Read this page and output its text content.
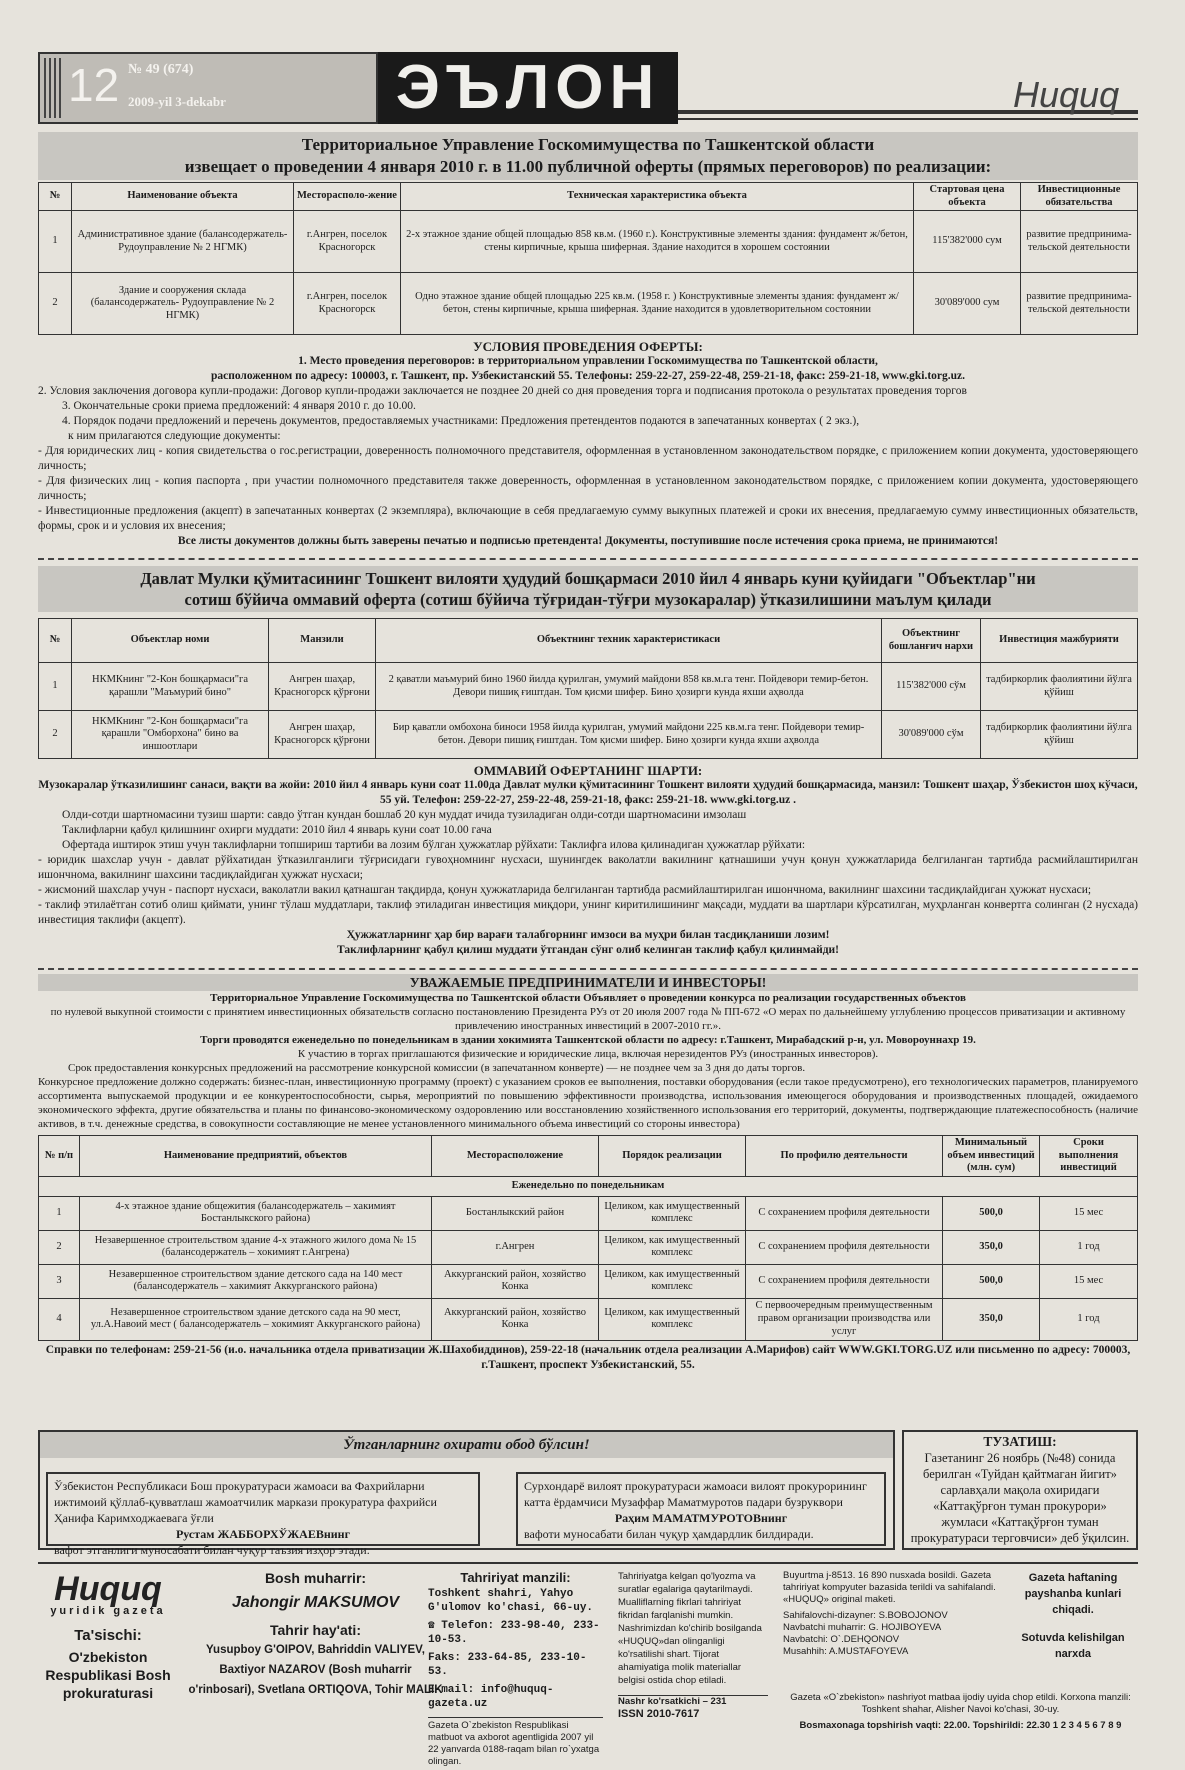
12 № 49 (674)
2009-yil 3-dekabr	ЭЪЛОН	Huquq
Территориальное Управление Госкомимущества по Ташкентской области
извещает о проведении 4 января 2010 г. в 11.00 публичной оферты (прямых переговоров) по реализации:
№	Наименование объекта	Месторасполо-жение	Техническая характеристика объекта	Стартовая цена объекта	Инвестиционные обязательства
1	Административное здание (балансодержатель-Рудоуправление № 2 НГМК)	г.Ангрен, поселок Красногорск	2-х этажное здание общей площадью 858 кв.м. (1960 г.). Конструктивные элементы здания: фундамент ж/бетон, стены кирпичные, крыша шиферная. Здание находится в хорошем состоянии	115'382'000 сум	развитие предпринима-тельской деятельности
2	Здание и сооружения склада (балансодержатель- Рудоуправление № 2 НГМК)	г.Ангрен, поселок Красногорск	Одно этажное здание общей площадью 225 кв.м. (1958 г. ) Конструктивные элементы здания: фундамент ж/бетон, стены кирпичные, крыша шиферная. Здание находится в удовлетворительном состоянии	30'089'000 сум	развитие предпринима-тельской деятельности

УСЛОВИЯ ПРОВЕДЕНИЯ ОФЕРТЫ:

1. Место проведения переговоров: в территориальном управлении Госкомимущества по Ташкентской области,

расположенном по адресу: 100003, г. Ташкент, пр. Узбекистанский 55. Телефоны: 259-22-27, 259-22-48, 259-21-18, факс: 259-21-18, www.gki.torg.uz.

2. Условия заключения договора купли-продажи: Договор купли-продажи заключается не позднее 20 дней со дня проведения торга и подписания протокола о результатах проведения торгов

3. Окончательные сроки приема предложений: 4 января 2010 г. до 10.00.

4. Порядок подачи предложений и перечень документов, предоставляемых участниками: Предложения претендентов подаются в запечатанных конвертах ( 2 экз.),

к ним прилагаются следующие документы:

- Для юридических лиц - копия свидетельства о гос.регистрации, доверенность полномочного представителя, оформленная в установленном законодательством порядке, с приложением копии документа, удостоверяющего личность;

- Для физических лиц - копия паспорта , при участии полномочного представителя также доверенность, оформленная в установленном законодательством порядке, с приложением копии документа, удостоверяющего личность;

- Инвестиционные предложения (акцепт) в запечатанных конвертах (2 экземпляра), включающие в себя предлагаемую сумму выкупных платежей и сроки их внесения, предлагаемую сумму инвестиционных обязательств, формы, срок и и условия их внесения;

Все листы документов должны быть заверены печатью и подписью претендента! Документы, поступившие после истечения срока приема, не принимаются!

Давлат Мулки қўмитасининг Тошкент вилояти ҳудудий бошқармаси 2010 йил 4 январь куни қуйидаги "Объектлар"ни
сотиш бўйича оммавий оферта (сотиш бўйича тўғридан-тўғри музокаралар) ўтказилишини маълум қилади
№	Объектлар номи	Манзили	Объектнинг техник характеристикаси	Объектнинг бошланғич нархи	Инвестиция мажбурияти
1	НКМКнинг "2-Кон бошқармаси"га қарашли "Маъмурий бино"	Ангрен шаҳар, Красногорск қўрғони	2 қаватли маъмурий бино 1960 йилда қурилган, умумий майдони 858 кв.м.га тенг. Пойдевори темир-бетон. Девори пишиқ ғиштдан. Том қисми шифер. Бино ҳозирги кунда яхши аҳволда	115'382'000 сўм	тадбиркорлик фаолиятини йўлга қўйиш
2	НКМКнинг "2-Кон бошқармаси"га қарашли "Омборхона" бино ва иншоотлари	Ангрен шаҳар, Красногорск қўрғони	Бир қаватли омбохона биноси 1958 йилда қурилган, умумий майдони 225 кв.м.га тенг. Пойдевори темир-бетон. Девори пишиқ ғиштдан. Том қисми шифер. Бино ҳозирги кунда яхши аҳволда	30'089'000 сўм	тадбиркорлик фаолиятини йўлга қўйиш

ОММАВИЙ ОФЕРТАНИНГ ШАРТИ:

Музокаралар ўтказилишинг санаси, вақти ва жойи: 2010 йил 4 январь куни соат 11.00да Давлат мулки қўмитасининг Тошкент вилояти ҳудудий бошқармасида, манзил: Тошкент шаҳар, Ўзбекистон шоҳ кўчаси, 55 уй. Телефон: 259-22-27, 259-22-48, 259-21-18, факс: 259-21-18. www.gki.torg.uz .

Олди-сотди шартномасини тузиш шарти: савдо ўтган кундан бошлаб 20 кун муддат ичида тузиладиган олди-сотди шартномасини имзолаш

Таклифларни қабул қилишнинг охирги муддати: 2010 йил 4 январь куни соат 10.00 гача

Офертада иштирок этиш учун таклифларни топшириш тартиби ва лозим бўлган ҳужжатлар рўйхати: Таклифга илова қилинадиган ҳужжатлар рўйхати:

- юридик шахслар учун - давлат рўйхатидан ўтказилганлиги тўғрисидаги гувоҳномнинг нусхаси, шунингдек ваколатли вакилнинг қатнашиши учун қонун ҳужжатларида белгиланган тартибда расмийлаштирилган ишончнома, вакилнинг шахсини тасдиқлайдиган ҳужжат нусхаси;

- жисмоний шахслар учун - паспорт нусхаси, ваколатли вакил қатнашган тақдирда, қонун ҳужжатларида белгиланган тартибда расмийлаштирилган ишончнома, вакилнинг шахсини тасдиқлайдиган ҳужжат нусхаси;

- таклиф этилаётган сотиб олиш қиймати, унинг тўлаш муддатлари, таклиф этиладиган инвестиция миқдори, унинг киритилишининг мақсади, муддати ва шартлари кўрсатилган, муҳрланган конвертга солинган (2 нусхада) инвестиция таклифи (акцепт).

Ҳужжатларнинг ҳар бир варағи талабгорнинг имзоси ва муҳри билан тасдиқланиши лозим!

Таклифларнинг қабул қилиш муддати ўтгандан сўнг олиб келинган таклиф қабул қилинмайди!

УВАЖАЕМЫЕ ПРЕДПРИНИМАТЕЛИ И ИНВЕСТОРЫ!

Территориальное Управление Госкомимущества по Ташкентской области Объявляет о проведении конкурса по реализации государственных объектов

по нулевой выкупной стоимости с принятием инвестиционных обязательств согласно постановлению Президента РУз от 20 июля 2007 года № ПП-672 «О мерах по дальнейшему углублению процессов приватизации и активному привлечению иностранных инвестиций в 2007-2010 гг.».

Торги проводятся еженедельно по понедельникам в здании хокимията Ташкентской области по адресу: г.Ташкент, Мирабадский р-н, ул. Мовороуннахр 19.

К участию в торгах приглашаются физические и юридические лица, включая нерезидентов РУз (иностранных инвесторов).

Срок предоставления конкурсных предложений на рассмотрение конкурсной комиссии (в запечатанном конверте) — не позднее чем за 3 дня до даты торгов.

Конкурсное предложение должно содержать: бизнес-план, инвестиционную программу (проект) с указанием сроков ее выполнения, поставки оборудования (если такое предусмотрено), его технологических параметров, планируемого ассортимента выпускаемой продукции и ее конкурентоспособности, сырья, мероприятий по повышению эффективности производства, использования имеющегося оборудования и производственных площадей, ожидаемого экономического эффекта, другие обязательства и планы по финансово-экономическому оздоровлению или восстановлению хозяйственного использования его территорий, документы, подтверждающие платежеспособность (наличие активов, в т.ч. денежные средства, в совокупности составляющие не менее установленного минимального объема инвестиций со стороны инвестора)

№ п/п	Наименование предприятий, объектов	Месторасположение	Порядок реализации	По профилю деятельности	Минимальный объем инвестиций (млн. сум)	Сроки выполнения инвестиций
Еженедельно по понедельникам						
1	4-х этажное здание общежития (балансодержатель – хакимият Бостанлыкского района)	Бостанлыкский район	Целиком, как имущественный комплекс	С сохранением профиля деятельности	500,0	15 мес
2	Незавершенное строительством здание 4-х этажного жилого дома № 15 (балансодержатель – хокимият г.Ангрена)	г.Ангрен	Целиком, как имущественный комплекс	С сохранением профиля деятельности	350,0	1 год
3	Незавершенное строительством здание детского сада на 140 мест (балансодержатель – хакимият Аккурганского района)	Аккурганский район, хозяйство Конка	Целиком, как имущественный комплекс	С сохранением профиля деятельности	500,0	15 мес
4	Незавершенное строительством здание детского сада на 90 мест, ул.А.Навоий мест ( балансодержатель – хокимият Аккурганского района)	Аккурганский район, хозяйство Конка	Целиком, как имущественный комплекс	С первоочередным преимущественным правом организации производства или услуг	350,0	1 год

Справки по телефонам: 259-21-56 (и.о. начальника отдела приватизации Ж.Шахобиддинов), 259-22-18 (начальник отдела реализации А.Марифов) сайт WWW.GKI.TORG.UZ или письменно по адресу: 700003, г.Ташкент, проспект Узбекистанский, 55.

Ўтганларнинг охирати обод бўлсин!
Ўзбекистон Республикаси Бош прокуратураси жамоаси ва Фахрийларни ижтимоий қўллаб-қувватлаш жамоатчилик маркази прокуратура фахрийси Ҳанифа Каримходжаевага ўғли
Рустам ЖАББОРХЎЖАЕВнинг
вафот этганлиги муносабати билан чуқур таъзия изҳор этади.
Сурхондарё вилоят прокуратураси жамоаси вилоят прокурорининг катта ёрдамчиси Музаффар Маматмуротов падари бузруквори
Раҳим МАМАТМУРОТОВнинг
вафоти муносабати билан чуқур ҳамдардлик билдиради.
ТУЗАТИШ:
Газетанинг 26 ноябрь (№48) сонида берилган «Туйдан қайтмаган йигит» сарлавҳали мақола охиридаги «Каттақўрғон туман прокурори» жумласи «Каттақўрғон туман прокуратураси терговчиси» деб ўқилсин.
Huquq
yuridik gazeta
Ta'sischi:
O'zbekiston Respublikasi Bosh prokuraturasi
Bosh muharrir:
Jahongir MAKSUMOV
Tahrir hay'ati:
Yusupboy G'OIPOV, Bahriddin VALIYEV, Baxtiyor NAZAROV (Bosh muharrir o'rinbosari), Svetlana ORTIQOVA, Tohir MALIK
Tahririyat manzili:
Toshkent shahri, Yahyo G'ulomov ko'chasi, 66-uy.
☎ Telefon: 233-98-40, 233-10-53.
Faks: 233-64-85, 233-10-53.
E-mail: info@huquq-gazeta.uz
Gazeta O`zbekiston Respublikasi matbuot va axborot agentligida 2007 yil 22 yanvarda 0188-raqam bilan ro`yxatga olingan.
Tahririyatga kelgan qo'lyozma va suratlar egalariga qaytarilmaydi. Mualliflarning fikrlari tahririyat fikridan farqlanishi mumkin. Nashrimizdan ko'chirib bosilganda «HUQUQ»dan olinganligi ko'rsatilishi shart. Tijorat ahamiyatiga molik materiallar belgisi ostida chop etiladi.
Nashr ko'rsatkichi – 231
ISSN 2010-7617
Buyurtma j-8513. 16 890 nusxada bosildi. Gazeta tahririyat kompyuter bazasida terildi va sahifalandi. «HUQUQ» original maketi.
Sahifalovchi-dizayner: S.BOBOJONOV
Navbatchi muharrir: G. HOJIBOYEVA
Navbatchi: O`.DEHQONOV
Musahhih: A.MUSTAFOYEVA
Gazeta haftaning payshanba kunlari chiqadi.
Sotuvda kelishilgan narxda
Gazeta «O`zbekiston» nashriyot matbaa ijodiy uyida chop etildi. Korxona manzili: Toshkent shahar, Alisher Navoi ko'chasi, 30-uy.
Bosmaxonaga topshirish vaqti: 22.00. Topshirildi: 22.30 1 2 3 4 5 6 7 8 9
